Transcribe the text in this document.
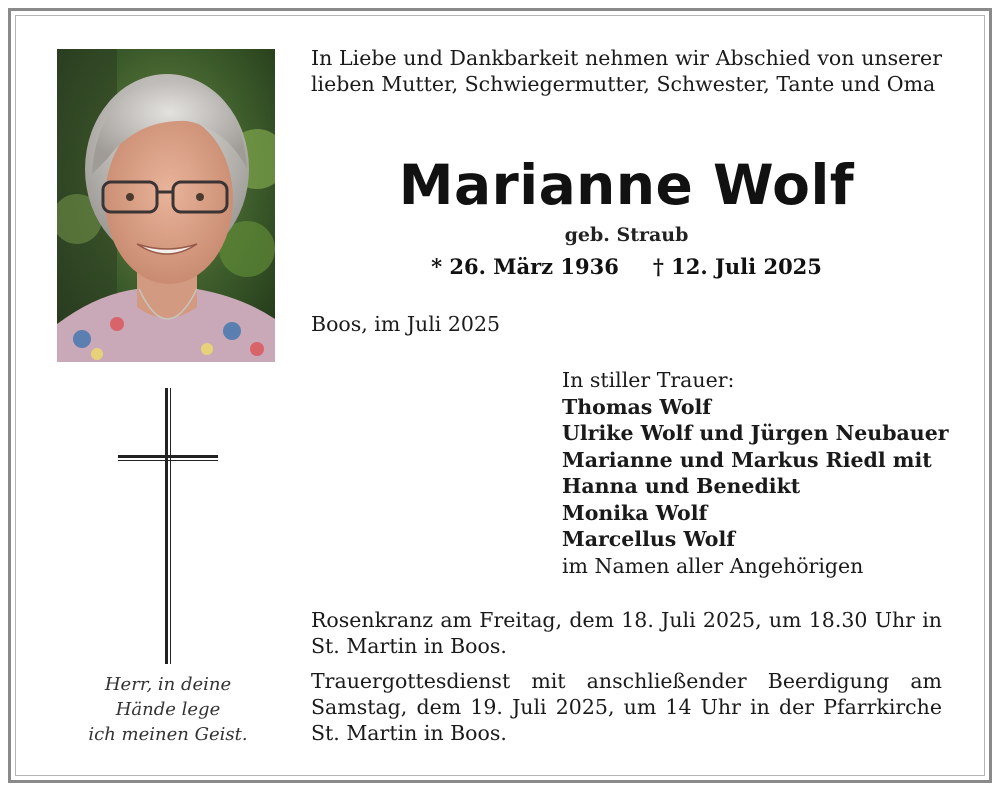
Herr, in deine
Hände lege
ich meinen Geist.
In Liebe und Dankbarkeit nehmen wir Abschied von unserer lieben Mutter, Schwiegermutter, Schwester, Tante und Oma
Marianne Wolf
geb. Straub
* 26. März 1936 † 12. Juli 2025
Boos, im Juli 2025
In stiller Trauer:
Thomas Wolf
Ulrike Wolf und Jürgen Neubauer
Marianne und Markus Riedl mit
Hanna und Benedikt
Monika Wolf
Marcellus Wolf
im Namen aller Angehörigen
Rosenkranz am Freitag, dem 18. Juli 2025, um 18.30 Uhr in St. Martin in Boos.
Trauergottesdienst mit anschließender Beerdigung am Samstag, dem 19. Juli 2025, um 14 Uhr in der Pfarrkirche St. Martin in Boos.
